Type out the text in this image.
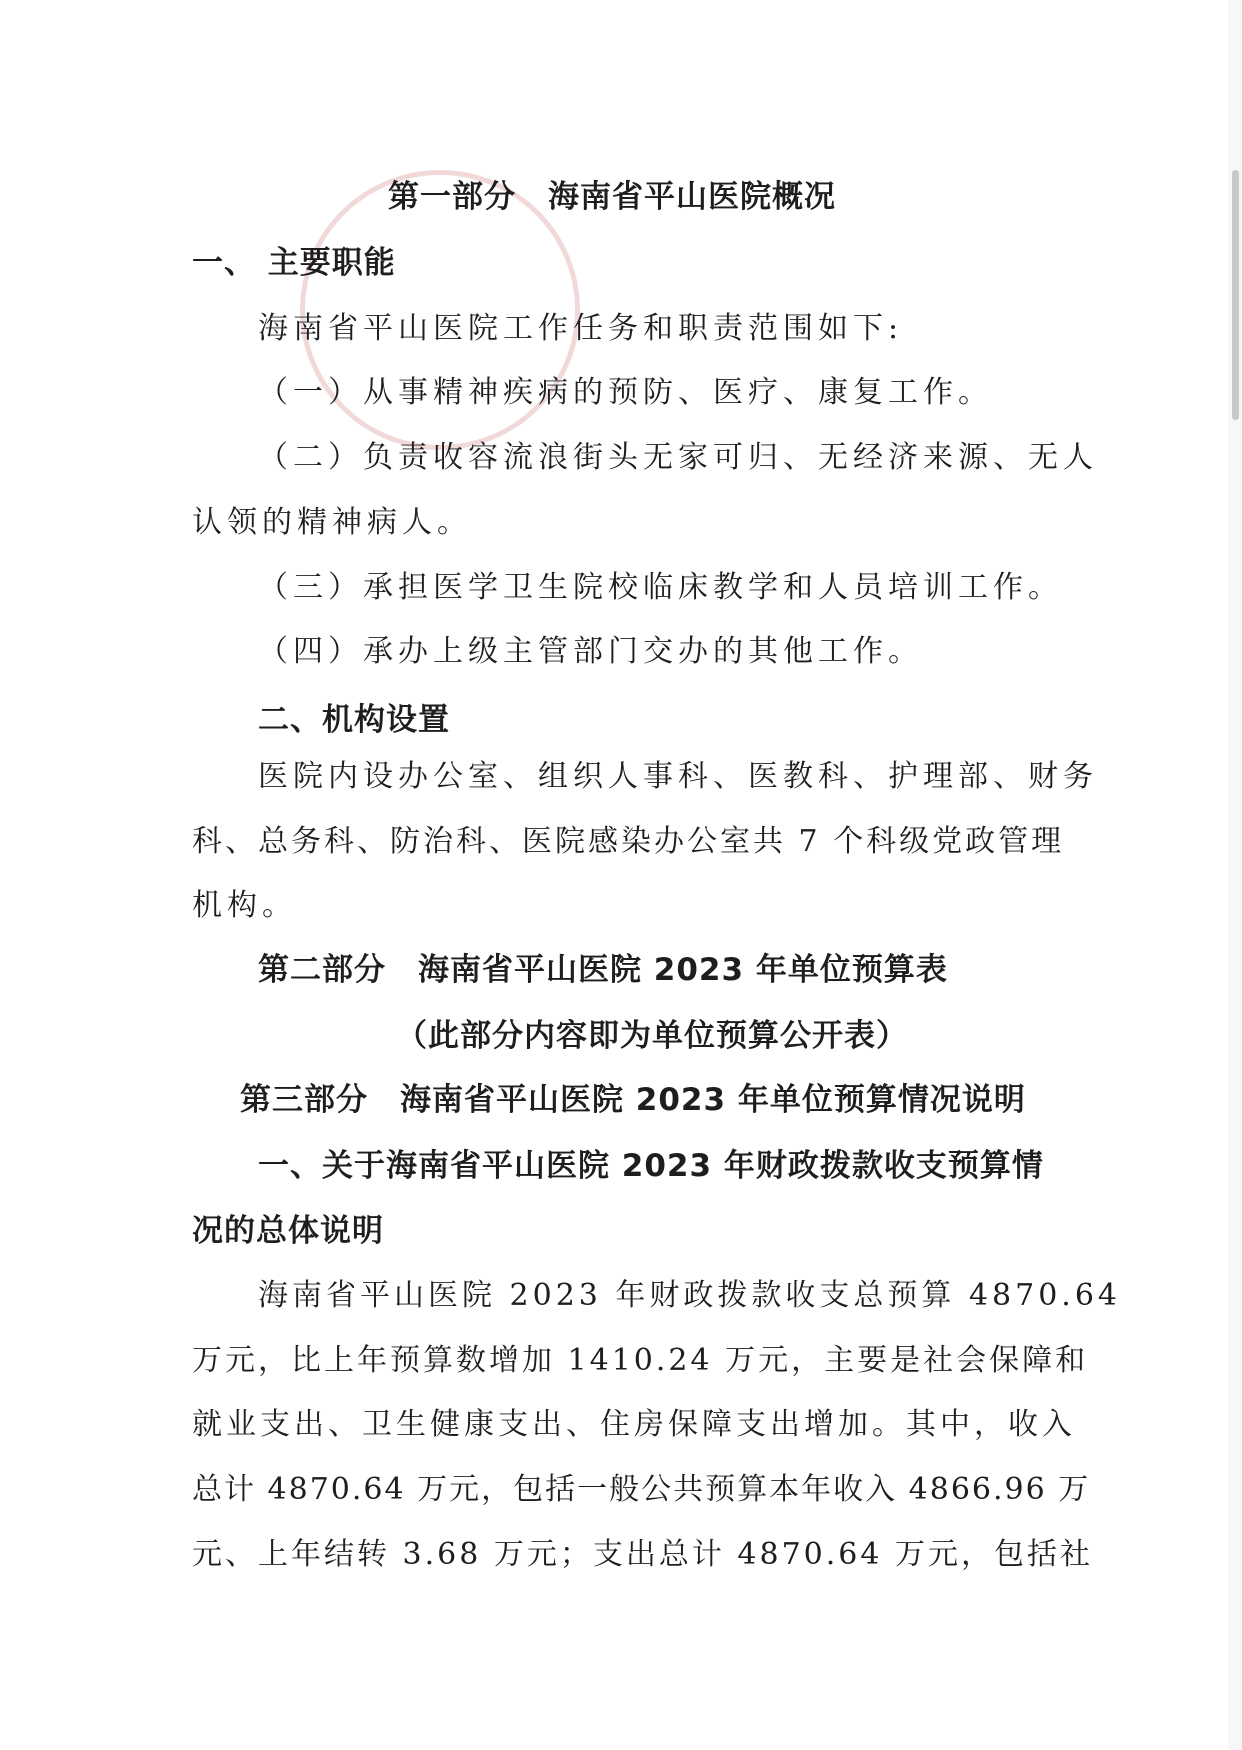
第一部分　海南省平山医院概况
一、 主要职能
海南省平山医院工作任务和职责范围如下:
（一）从事精神疾病的预防、医疗、康复工作。
（二）负责收容流浪街头无家可归、无经济来源、无人
认领的精神病人。
（三）承担医学卫生院校临床教学和人员培训工作。
（四）承办上级主管部门交办的其他工作。
二、机构设置
医院内设办公室、组织人事科、医教科、护理部、财务
科、总务科、防治科、医院感染办公室共 7 个科级党政管理
机构。
第二部分　海南省平山医院 2023 年单位预算表
（此部分内容即为单位预算公开表）
第三部分　海南省平山医院 2023 年单位预算情况说明
一、关于海南省平山医院 2023 年财政拨款收支预算情
况的总体说明
海南省平山医院 2023 年财政拨款收支总预算 4870.64
万元，比上年预算数增加 1410.24 万元，主要是社会保障和
就业支出、卫生健康支出、住房保障支出增加。其中，收入
总计 4870.64 万元，包括一般公共预算本年收入 4866.96 万
元、上年结转 3.68 万元；支出总计 4870.64 万元，包括社
